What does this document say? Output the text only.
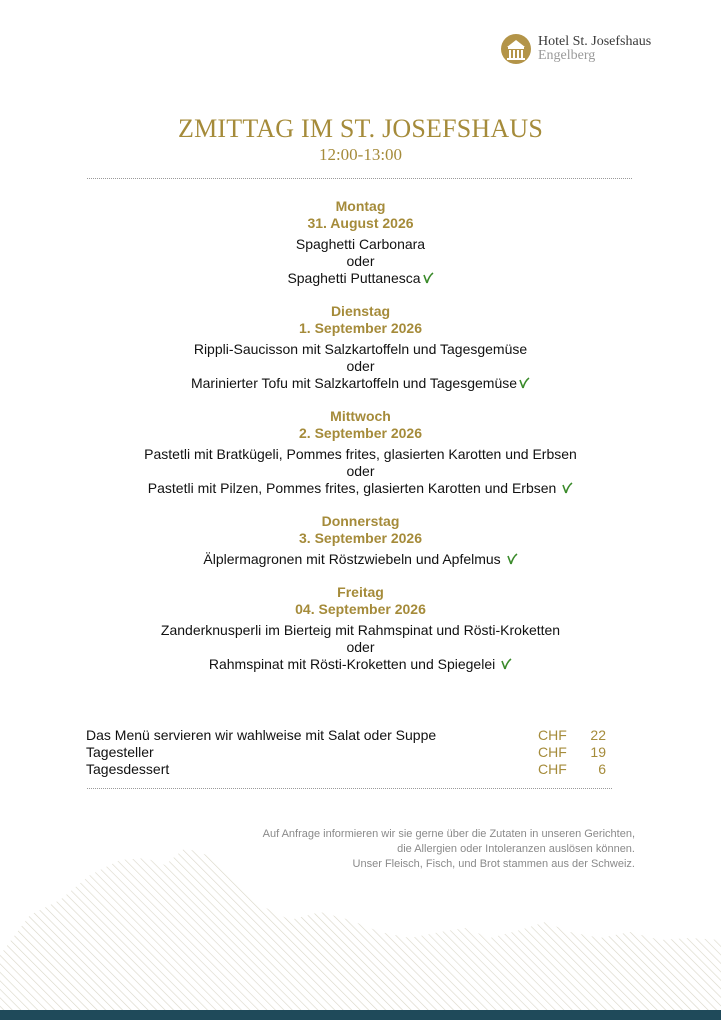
Hotel St. Josefshaus
Engelberg
ZMITTAG IM ST. JOSEFSHAUS
12:00-13:00
Montag
31. August 2026
Spaghetti Carbonara
oder
Spaghetti Puttanesca
Dienstag
1. September 2026
Rippli-Saucisson mit Salzkartoffeln und Tagesgemüse
oder
Marinierter Tofu mit Salzkartoffeln und Tagesgemüse
Mittwoch
2. September 2026
Pastetli mit Bratkügeli, Pommes frites, glasierten Karotten und Erbsen
oder
Pastetli mit Pilzen, Pommes frites, glasierten Karotten und Erbsen
Donnerstag
3. September 2026
Älplermagronen mit Röstzwiebeln und Apfelmus
Freitag
04. September 2026
Zanderknusperli im Bierteig mit Rahmspinat und Rösti-Kroketten
oder
Rahmspinat mit Rösti-Kroketten und Spiegelei
Das Menü servieren wir wahlweise mit Salat oder Suppe	CHF	22
Tagesteller	CHF	19
Tagesdessert	CHF	6
Auf Anfrage informieren wir sie gerne über die Zutaten in unseren Gerichten,
die Allergien oder Intoleranzen auslösen können.
Unser Fleisch, Fisch, und Brot stammen aus der Schweiz.
